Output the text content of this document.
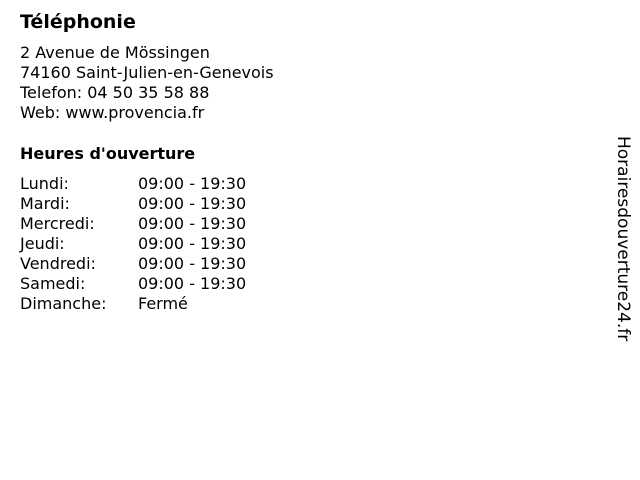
Téléphonie
2 Avenue de Mössingen
74160 Saint-Julien-en-Genevois
Telefon: 04 50 35 58 88
Web: www.provencia.fr
Heures d'ouverture
Lundi:	09:00 - 19:30
Mardi:	09:00 - 19:30
Mercredi:	09:00 - 19:30
Jeudi:	09:00 - 19:30
Vendredi:	09:00 - 19:30
Samedi:	09:00 - 19:30
Dimanche:	Fermé	Horairesdouverture24.fr
